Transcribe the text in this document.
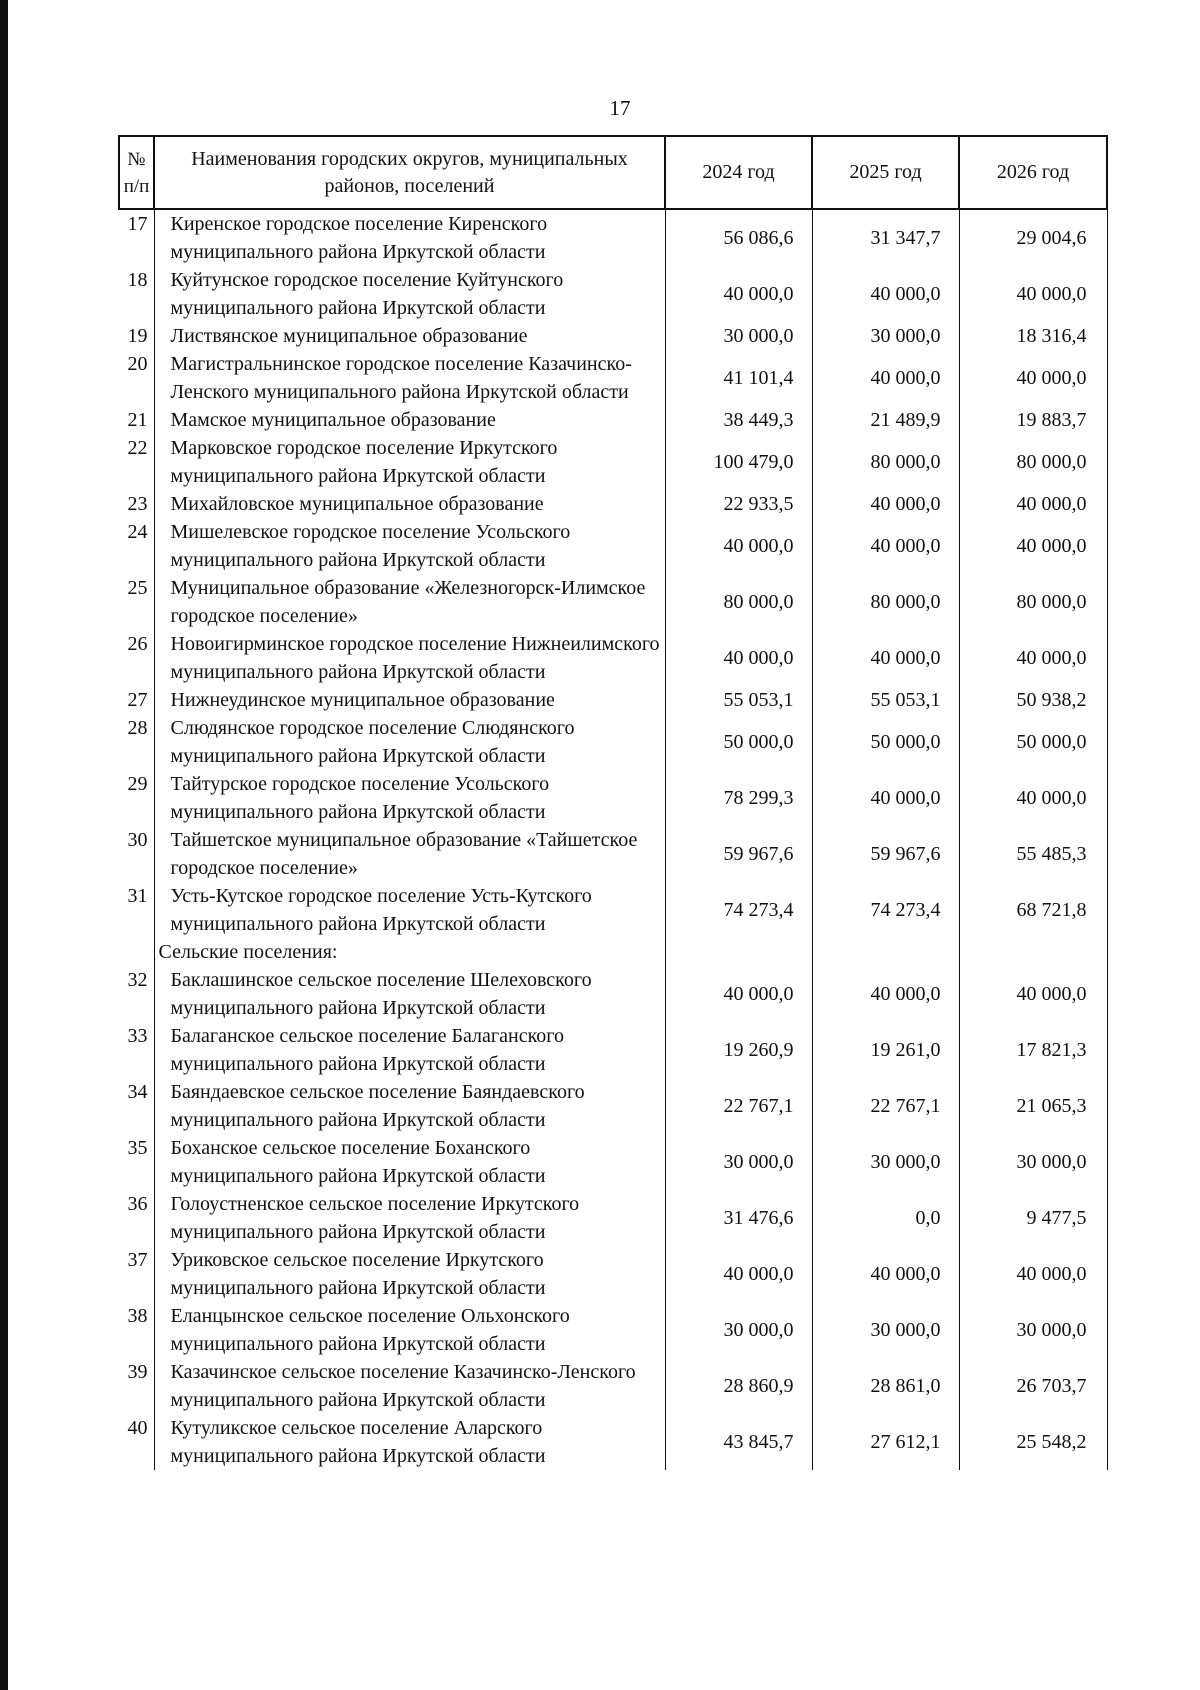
17
№ п/п	Наименования городских округов, муниципальных районов, поселений	2024 год	2025 год	2026 год
17	Киренское городское поселение Киренского муниципального района Иркутской области	56 086,6	31 347,7	29 004,6
18	Куйтунское городское поселение Куйтунского муниципального района Иркутской области	40 000,0	40 000,0	40 000,0
19	Листвянское муниципальное образование	30 000,0	30 000,0	18 316,4
20	Магистральнинское городское поселение Казачинско-Ленского муниципального района Иркутской области	41 101,4	40 000,0	40 000,0
21	Мамское муниципальное образование	38 449,3	21 489,9	19 883,7
22	Марковское городское поселение Иркутского муниципального района Иркутской области	100 479,0	80 000,0	80 000,0
23	Михайловское муниципальное образование	22 933,5	40 000,0	40 000,0
24	Мишелевское городское поселение Усольского муниципального района Иркутской области	40 000,0	40 000,0	40 000,0
25	Муниципальное образование «Железногорск-Илимское городское поселение»	80 000,0	80 000,0	80 000,0
26	Новоигирминское городское поселение Нижнеилимского муниципального района Иркутской области	40 000,0	40 000,0	40 000,0
27	Нижнеудинское муниципальное образование	55 053,1	55 053,1	50 938,2
28	Слюдянское городское поселение Слюдянского муниципального района Иркутской области	50 000,0	50 000,0	50 000,0
29	Тайтурское городское поселение Усольского муниципального района Иркутской области	78 299,3	40 000,0	40 000,0
30	Тайшетское муниципальное образование «Тайшетское городское поселение»	59 967,6	59 967,6	55 485,3
31	Усть-Кутское городское поселение Усть-Кутского муниципального района Иркутской области	74 273,4	74 273,4	68 721,8
	Сельские поселения:			
32	Баклашинское сельское поселение Шелеховского муниципального района Иркутской области	40 000,0	40 000,0	40 000,0
33	Балаганское сельское поселение Балаганского муниципального района Иркутской области	19 260,9	19 261,0	17 821,3
34	Баяндаевское сельское поселение Баяндаевского муниципального района Иркутской области	22 767,1	22 767,1	21 065,3
35	Боханское сельское поселение Боханского муниципального района Иркутской области	30 000,0	30 000,0	30 000,0
36	Голоустненское сельское поселение Иркутского муниципального района Иркутской области	31 476,6	0,0	9 477,5
37	Уриковское сельское поселение Иркутского муниципального района Иркутской области	40 000,0	40 000,0	40 000,0
38	Еланцынское сельское поселение Ольхонского муниципального района Иркутской области	30 000,0	30 000,0	30 000,0
39	Казачинское сельское поселение Казачинско-Ленского муниципального района Иркутской области	28 860,9	28 861,0	26 703,7
40	Кутуликское сельское поселение Аларского муниципального района Иркутской области	43 845,7	27 612,1	25 548,2
